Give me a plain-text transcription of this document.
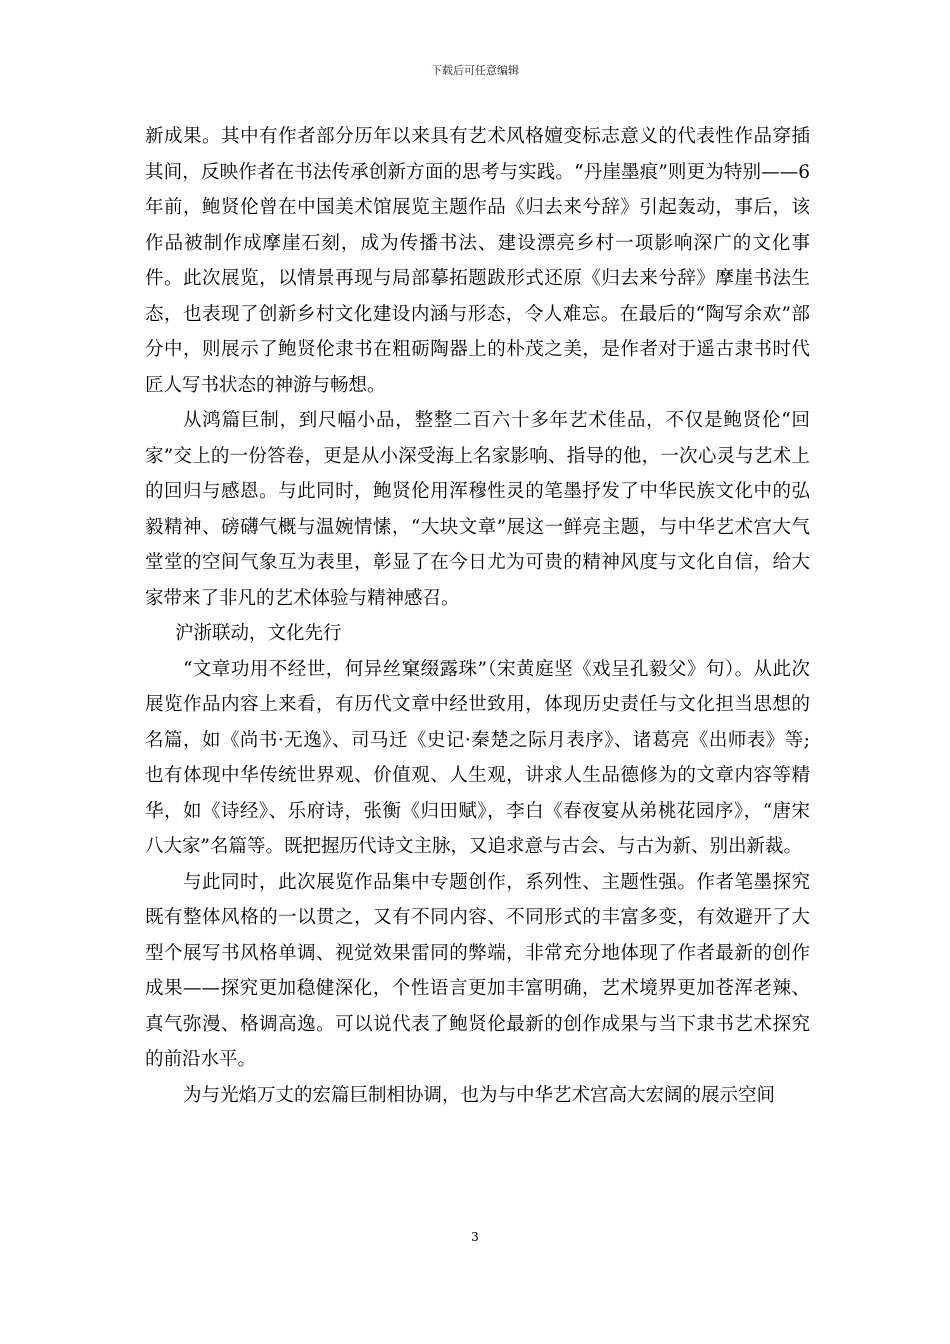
下载后可任意编辑

新成果。其中有作者部分历年以来具有艺术风格嬗变标志意义的代表性作品穿插其间，反映作者在书法传承创新方面的思考与实践。“丹崖墨痕”则更为特别——6年前，鲍贤伦曾在中国美术馆展览主题作品《归去来兮辞》引起轰动，事后，该作品被制作成摩崖石刻，成为传播书法、建设漂亮乡村一项影响深广的文化事件。此次展览，以情景再现与局部摹拓题跋形式还原《归去来兮辞》摩崖书法生态，也表现了创新乡村文化建设内涵与形态，令人难忘。在最后的“陶写余欢”部分中，则展示了鲍贤伦隶书在粗砺陶器上的朴茂之美，是作者对于遥古隶书时代匠人写书状态的神游与畅想。

从鸿篇巨制，到尺幅小品，整整二百六十多年艺术佳品，不仅是鲍贤伦“回家”交上的一份答卷，更是从小深受海上名家影响、指导的他，一次心灵与艺术上的回归与感恩。与此同时，鲍贤伦用浑穆性灵的笔墨抒发了中华民族文化中的弘毅精神、磅礴气概与温婉情愫，“大块文章”展这一鲜亮主题，与中华艺术宫大气堂堂的空间气象互为表里，彰显了在今日尤为可贵的精神风度与文化自信，给大家带来了非凡的艺术体验与精神感召。

沪浙联动，文化先行

“文章功用不经世，何异丝窠缀露珠”（宋黄庭坚《戏呈孔毅父》句）。从此次展览作品内容上来看，有历代文章中经世致用，体现历史责任与文化担当思想的名篇，如《尚书·无逸》、司马迁《史记·秦楚之际月表序》、诸葛亮《出师表》等;也有体现中华传统世界观、价值观、人生观，讲求人生品德修为的文章内容等精华，如《诗经》、乐府诗，张衡《归田赋》，李白《春夜宴从弟桃花园序》，“唐宋八大家”名篇等。既把握历代诗文主脉，又追求意与古会、与古为新、别出新裁。

与此同时，此次展览作品集中专题创作，系列性、主题性强。作者笔墨探究既有整体风格的一以贯之，又有不同内容、不同形式的丰富多变，有效避开了大型个展写书风格单调、视觉效果雷同的弊端，非常充分地体现了作者最新的创作成果——探究更加稳健深化，个性语言更加丰富明确，艺术境界更加苍浑老辣、真气弥漫、格调高逸。可以说代表了鲍贤伦最新的创作成果与当下隶书艺术探究的前沿水平。

为与光焰万丈的宏篇巨制相协调，也为与中华艺术宫高大宏阔的展示空间

3
